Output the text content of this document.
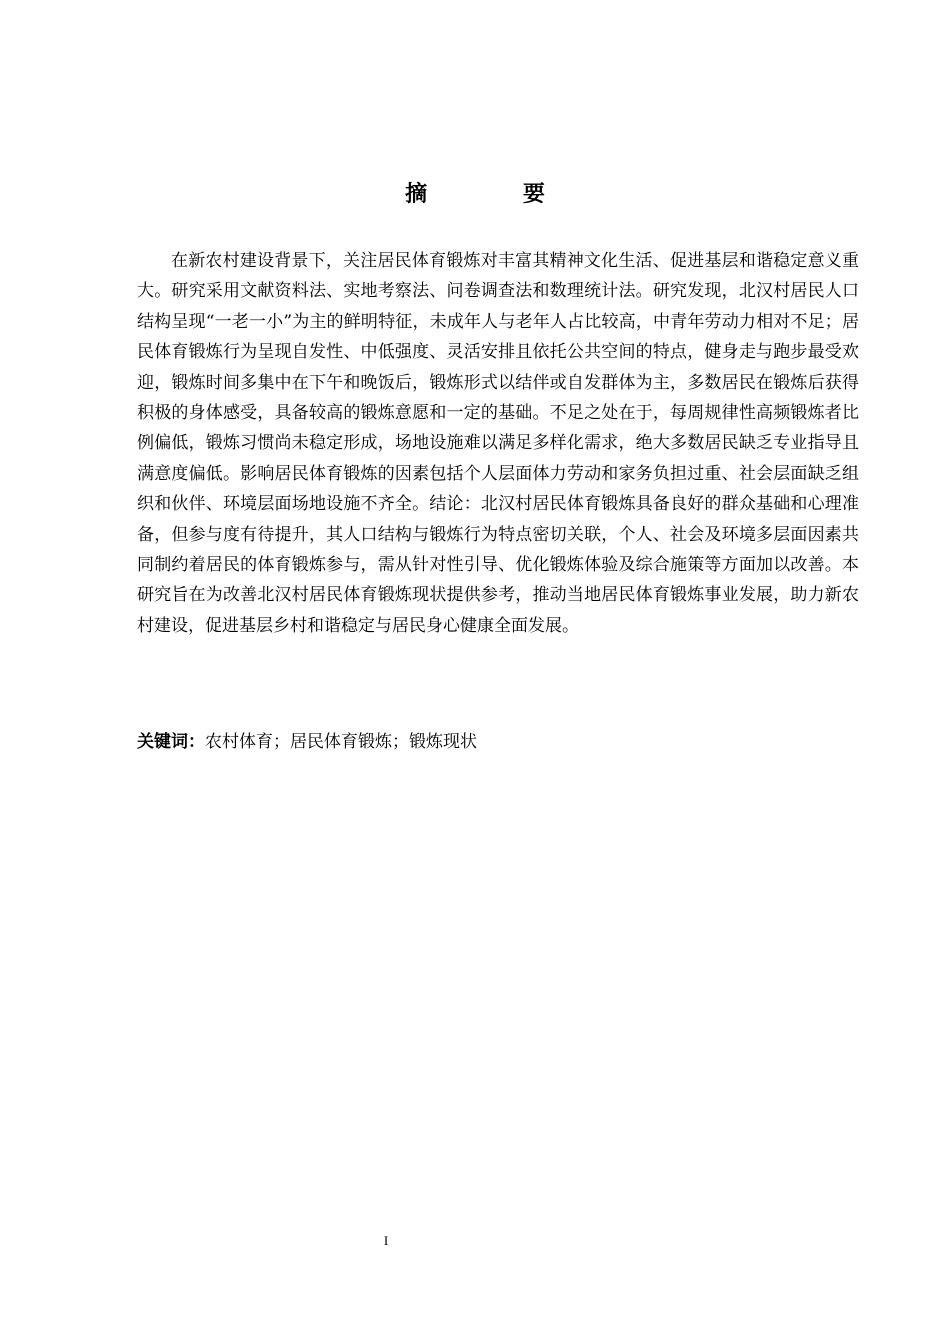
摘 要

在新农村建设背景下，关注居民体育锻炼对丰富其精神文化生活、促进基层和谐稳定意义重大。研究采用文献资料法、实地考察法、问卷调查法和数理统计法。研究发现，北汉村居民人口结构呈现“一老一小”为主的鲜明特征，未成年人与老年人占比较高，中青年劳动力相对不足；居民体育锻炼行为呈现自发性、中低强度、灵活安排且依托公共空间的特点，健身走与跑步最受欢迎，锻炼时间多集中在下午和晚饭后，锻炼形式以结伴或自发群体为主，多数居民在锻炼后获得积极的身体感受，具备较高的锻炼意愿和一定的基础。不足之处在于，每周规律性高频锻炼者比例偏低，锻炼习惯尚未稳定形成，场地设施难以满足多样化需求，绝大多数居民缺乏专业指导且满意度偏低。影响居民体育锻炼的因素包括个人层面体力劳动和家务负担过重、社会层面缺乏组织和伙伴、环境层面场地设施不齐全。结论：北汉村居民体育锻炼具备良好的群众基础和心理准备，但参与度有待提升，其人口结构与锻炼行为特点密切关联，个人、社会及环境多层面因素共同制约着居民的体育锻炼参与，需从针对性引导、优化锻炼体验及综合施策等方面加以改善。本研究旨在为改善北汉村居民体育锻炼现状提供参考，推动当地居民体育锻炼事业发展，助力新农村建设，促进基层乡村和谐稳定与居民身心健康全面发展。

关键词：农村体育；居民体育锻炼；锻炼现状
I
